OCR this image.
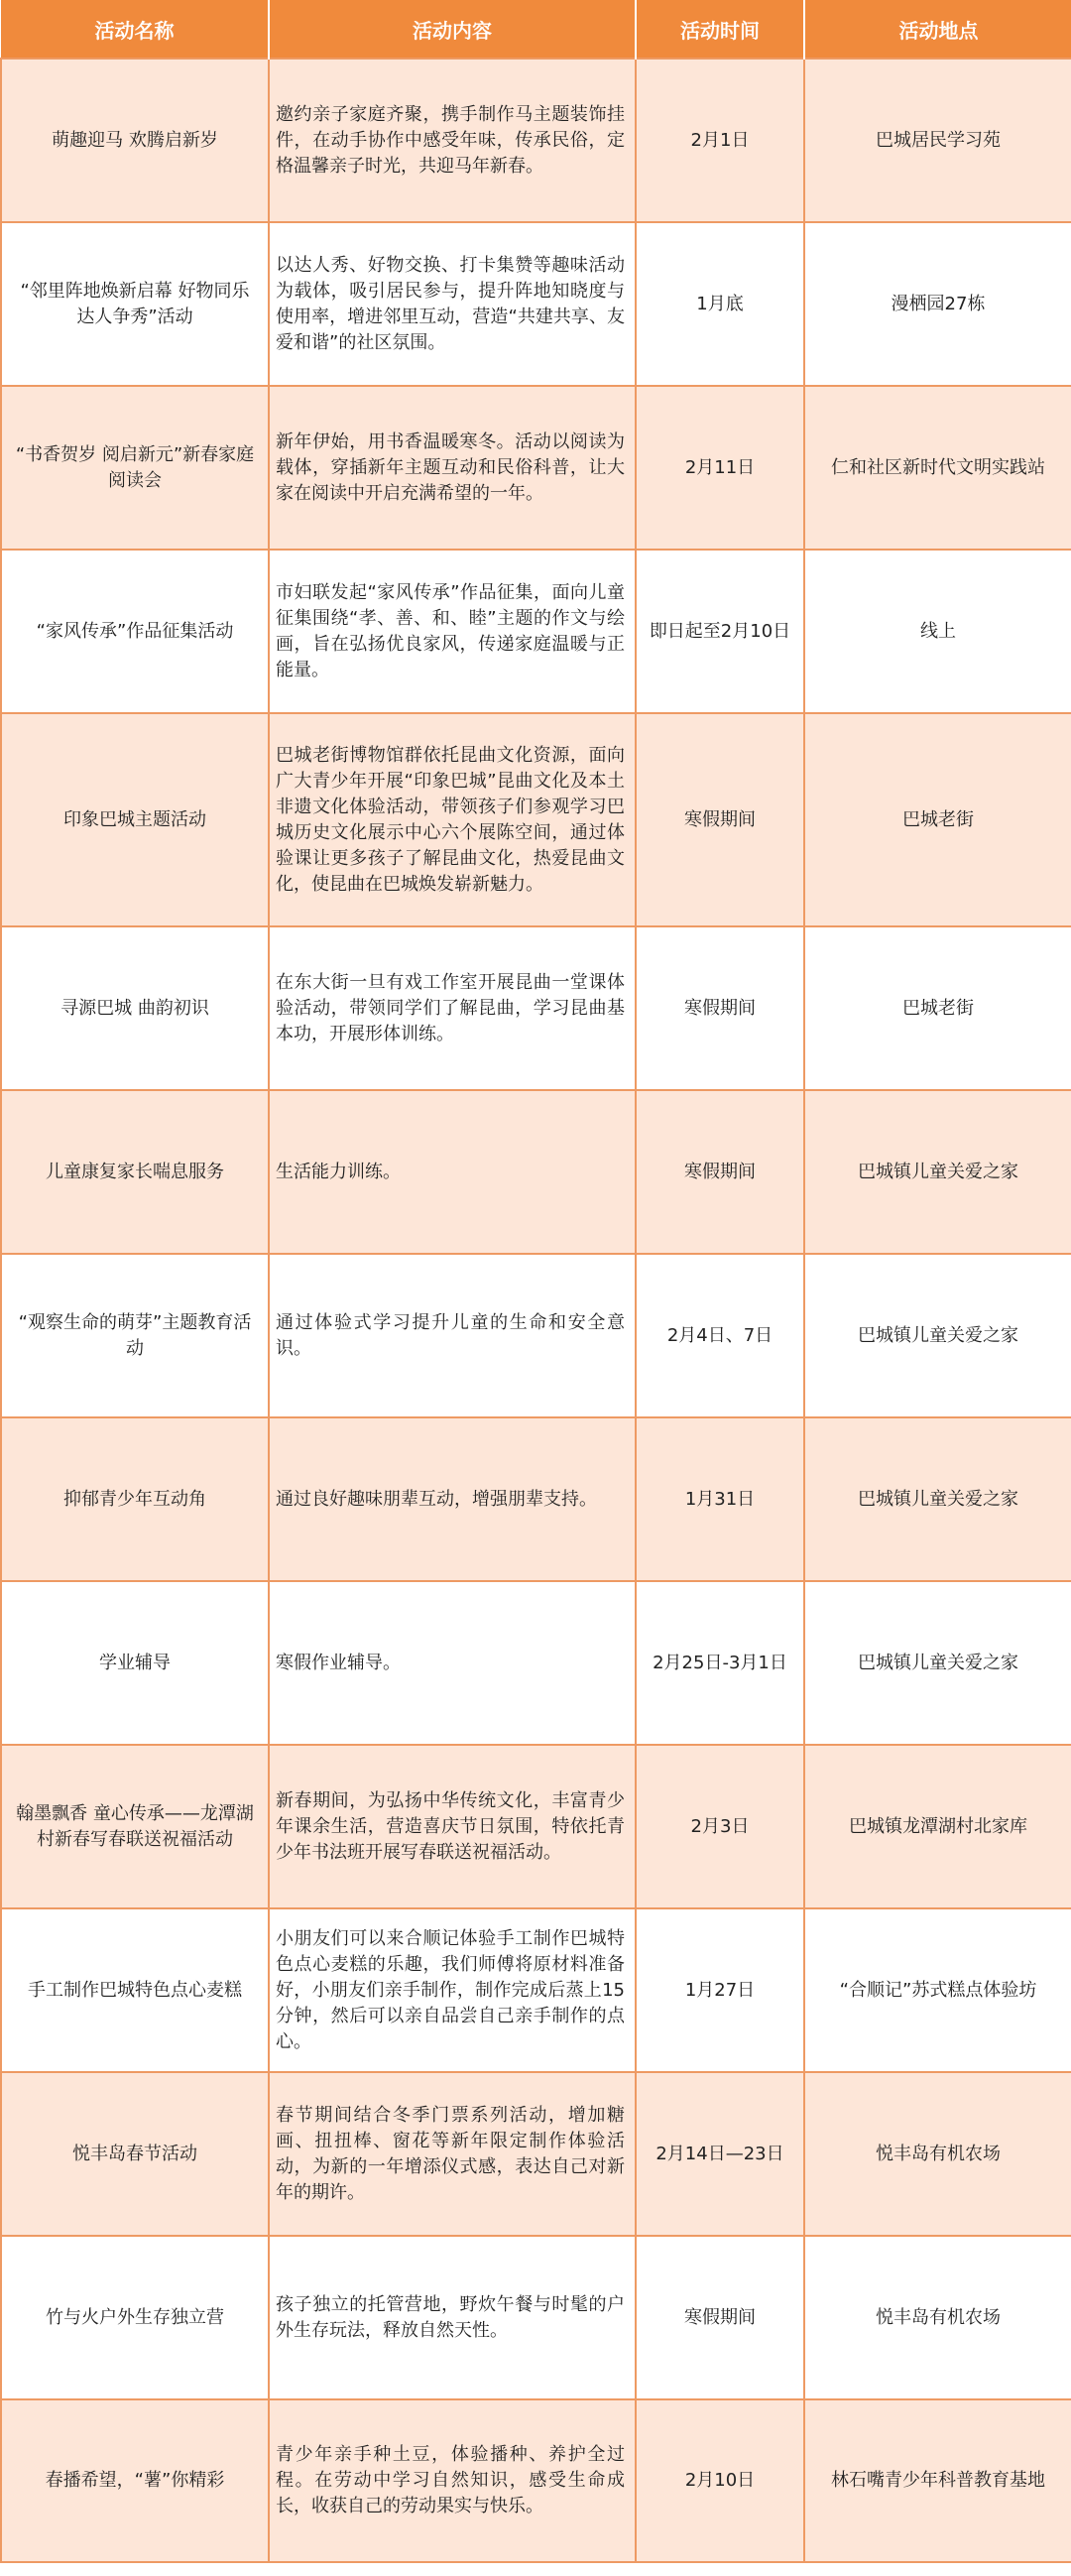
活动名称	活动内容	活动时间	活动地点

萌趣迎马 欢腾启新岁	邀约亲子家庭齐聚，携手制作马主题装饰挂件，在动手协作中感受年味，传承民俗，定格温馨亲子时光，共迎马年新春。	2月1日	巴城居民学习苑

“邻里阵地焕新启幕 好物同乐达人争秀”活动	以达人秀、好物交换、打卡集赞等趣味活动为载体，吸引居民参与，提升阵地知晓度与使用率，增进邻里互动，营造“共建共享、友爱和谐”的社区氛围。	1月底	漫栖园27栋

“书香贺岁 阅启新元”新春家庭阅读会	新年伊始，用书香温暖寒冬。活动以阅读为载体，穿插新年主题互动和民俗科普，让大家在阅读中开启充满希望的一年。	2月11日	仁和社区新时代文明实践站

“家风传承”作品征集活动	市妇联发起“家风传承”作品征集，面向儿童征集围绕“孝、善、和、睦”主题的作文与绘画，旨在弘扬优良家风，传递家庭温暖与正能量。	即日起至2月10日	线上

印象巴城主题活动	巴城老街博物馆群依托昆曲文化资源，面向广大青少年开展“印象巴城”昆曲文化及本土非遗文化体验活动，带领孩子们参观学习巴城历史文化展示中心六个展陈空间，通过体验课让更多孩子了解昆曲文化，热爱昆曲文化，使昆曲在巴城焕发崭新魅力。	寒假期间	巴城老街

寻源巴城 曲韵初识	在东大街一旦有戏工作室开展昆曲一堂课体验活动，带领同学们了解昆曲，学习昆曲基本功，开展形体训练。	寒假期间	巴城老街

儿童康复家长喘息服务	生活能力训练。	寒假期间	巴城镇儿童关爱之家

“观察生命的萌芽”主题教育活动	通过体验式学习提升儿童的生命和安全意识。	2月4日、7日	巴城镇儿童关爱之家

抑郁青少年互动角	通过良好趣味朋辈互动，增强朋辈支持。	1月31日	巴城镇儿童关爱之家

学业辅导	寒假作业辅导。	2月25日-3月1日	巴城镇儿童关爱之家

翰墨飘香 童心传承——龙潭湖村新春写春联送祝福活动	新春期间，为弘扬中华传统文化，丰富青少年课余生活，营造喜庆节日氛围，特依托青少年书法班开展写春联送祝福活动。	2月3日	巴城镇龙潭湖村北家库

手工制作巴城特色点心麦糕	小朋友们可以来合顺记体验手工制作巴城特色点心麦糕的乐趣，我们师傅将原材料准备好，小朋友们亲手制作，制作完成后蒸上15分钟，然后可以亲自品尝自己亲手制作的点心。	1月27日	“合顺记”苏式糕点体验坊

悦丰岛春节活动	春节期间结合冬季门票系列活动，增加糖画、扭扭棒、窗花等新年限定制作体验活动，为新的一年增添仪式感，表达自己对新年的期许。	2月14日—23日	悦丰岛有机农场

竹与火户外生存独立营	孩子独立的托管营地，野炊午餐与时髦的户外生存玩法，释放自然天性。	寒假期间	悦丰岛有机农场

春播希望，“薯”你精彩	青少年亲手种土豆，体验播种、养护全过程。在劳动中学习自然知识，感受生命成长，收获自己的劳动果实与快乐。	2月10日	林石嘴青少年科普教育基地
